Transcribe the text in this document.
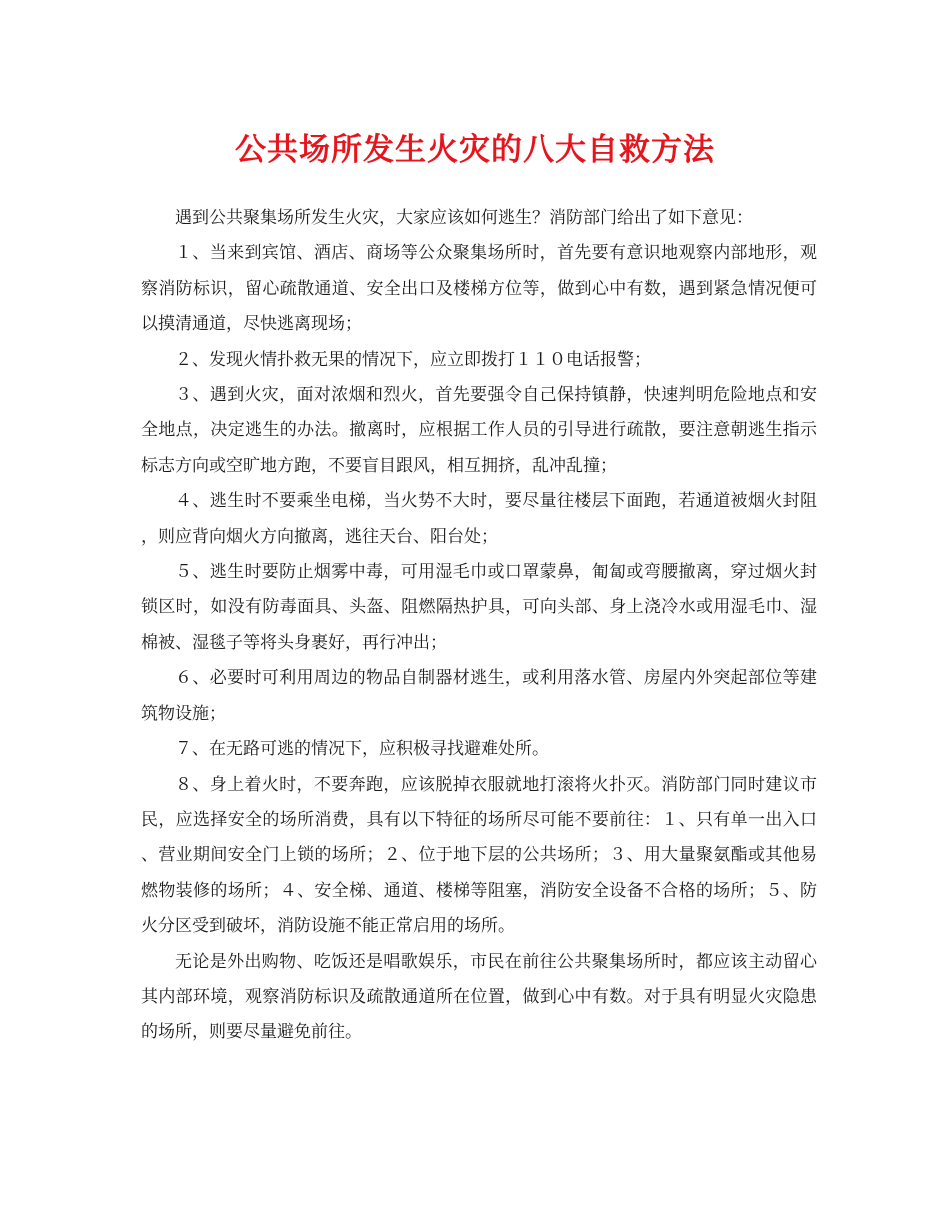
公共场所发生火灾的八大自救方法

遇到公共聚集场所发生火灾，大家应该如何逃生？消防部门给出了如下意见：

１、当来到宾馆、酒店、商场等公众聚集场所时，首先要有意识地观察内部地形，观察消防标识，留心疏散通道、安全出口及楼梯方位等，做到心中有数，遇到紧急情况便可以摸清通道，尽快逃离现场；

２、发现火情扑救无果的情况下，应立即拨打１１０电话报警；

３、遇到火灾，面对浓烟和烈火，首先要强令自己保持镇静，快速判明危险地点和安全地点，决定逃生的办法。撤离时，应根据工作人员的引导进行疏散，要注意朝逃生指示标志方向或空旷地方跑，不要盲目跟风，相互拥挤，乱冲乱撞；

４、逃生时不要乘坐电梯，当火势不大时，要尽量往楼层下面跑，若通道被烟火封阻，则应背向烟火方向撤离，逃往天台、阳台处；

５、逃生时要防止烟雾中毒，可用湿毛巾或口罩蒙鼻，匍匐或弯腰撤离，穿过烟火封锁区时，如没有防毒面具、头盔、阻燃隔热护具，可向头部、身上浇冷水或用湿毛巾、湿棉被、湿毯子等将头身裹好，再行冲出；

６、必要时可利用周边的物品自制器材逃生，或利用落水管、房屋内外突起部位等建筑物设施；

７、在无路可逃的情况下，应积极寻找避难处所。

８、身上着火时，不要奔跑，应该脱掉衣服就地打滚将火扑灭。消防部门同时建议市民，应选择安全的场所消费，具有以下特征的场所尽可能不要前往：１、只有单一出入口、营业期间安全门上锁的场所；２、位于地下层的公共场所；３、用大量聚氨酯或其他易燃物装修的场所；４、安全梯、通道、楼梯等阻塞，消防安全设备不合格的场所；５、防火分区受到破坏，消防设施不能正常启用的场所。

无论是外出购物、吃饭还是唱歌娱乐，市民在前往公共聚集场所时，都应该主动留心其内部环境，观察消防标识及疏散通道所在位置，做到心中有数。对于具有明显火灾隐患的场所，则要尽量避免前往。
